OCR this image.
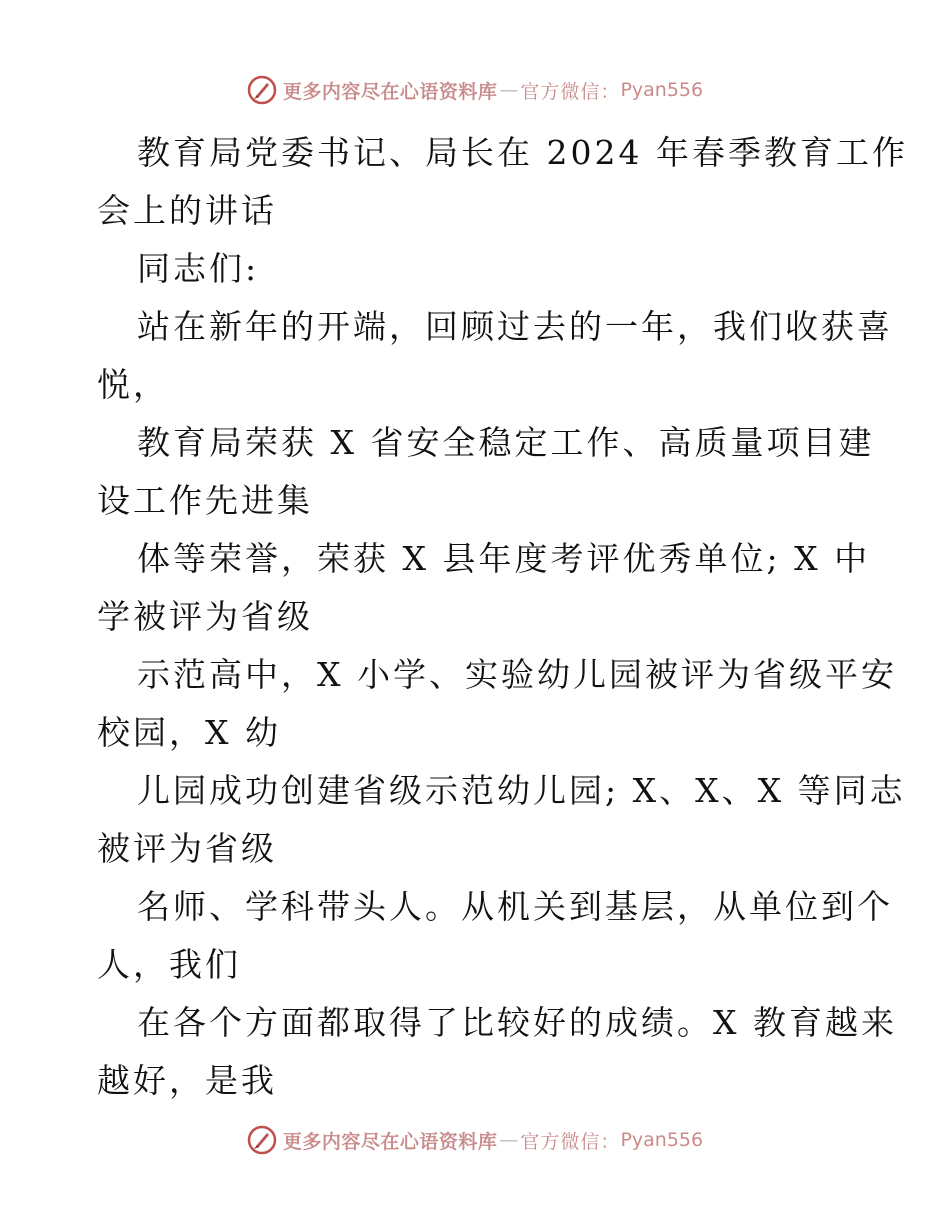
更多内容尽在心语资料库 — 官方微信： Pyan556

教育局党委书记、局长在 2024 年春季教育工作

会上的讲话

同志们:

站在新年的开端，回顾过去的一年，我们收获喜

悦，

教育局荣获 X 省安全稳定工作、高质量项目建

设工作先进集

体等荣誉，荣获 X 县年度考评优秀单位; X 中

学被评为省级

示范高中，X 小学、实验幼儿园被评为省级平安

校园，X 幼

儿园成功创建省级示范幼儿园; X、X、X 等同志

被评为省级

名师、学科带头人。从机关到基层，从单位到个

人，我们

在各个方面都取得了比较好的成绩。X 教育越来

越好，是我

更多内容尽在心语资料库 — 官方微信： Pyan556
